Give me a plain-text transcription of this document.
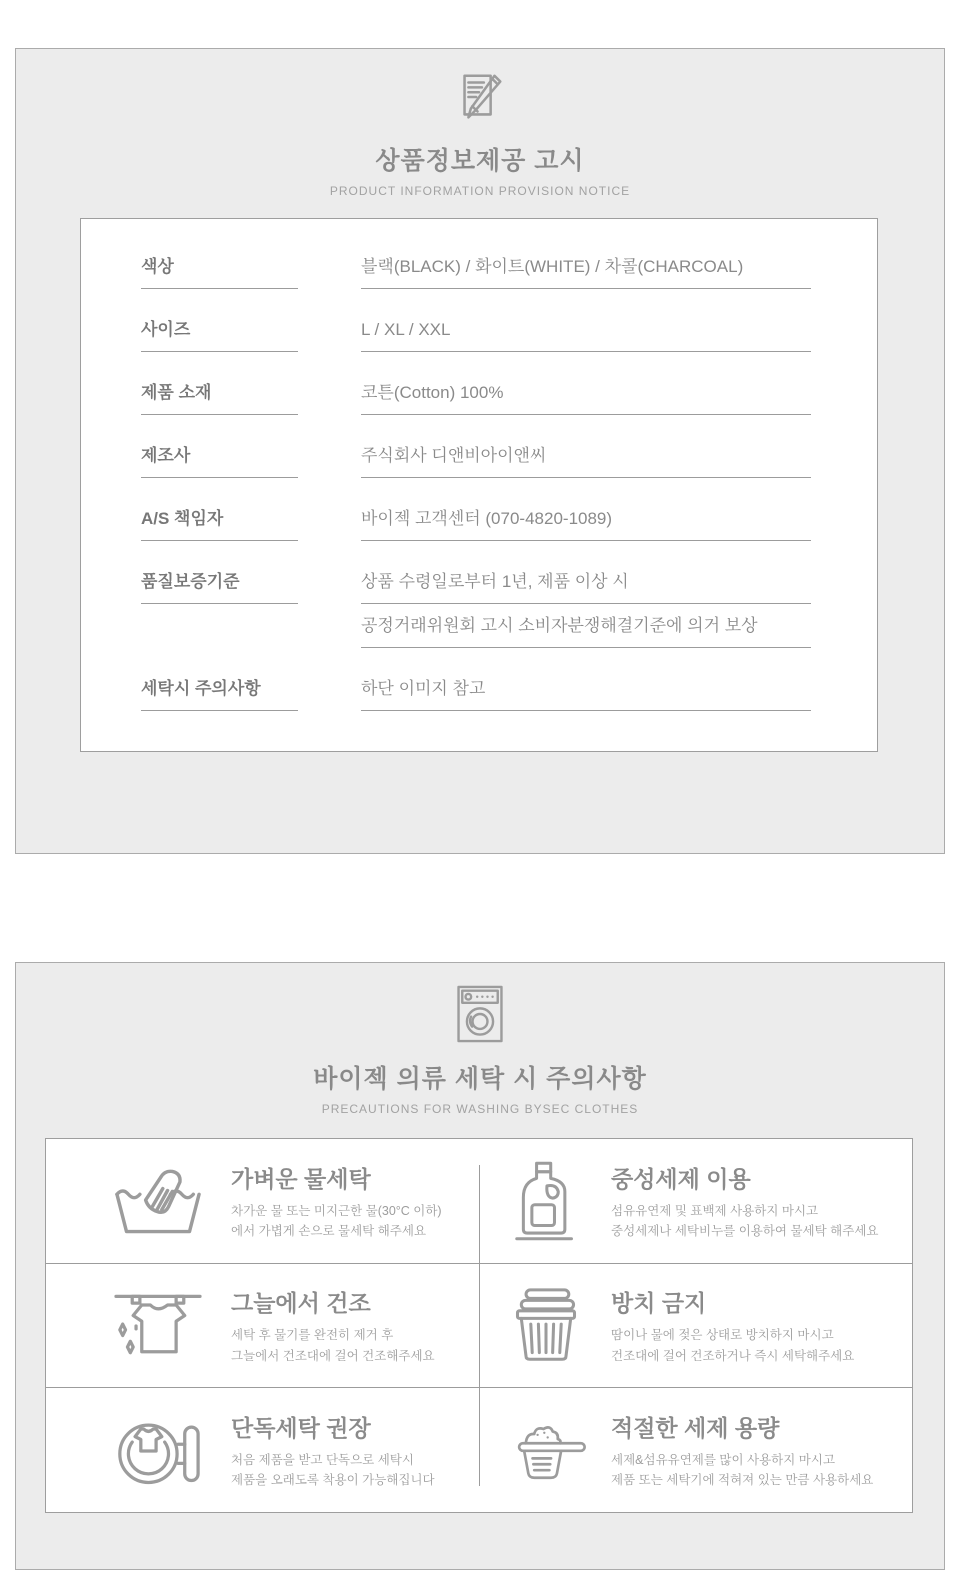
상품정보제공 고시
PRODUCT INFORMATION PROVISION NOTICE
색상	블랙(BLACK) / 화이트(WHITE) / 차콜(CHARCOAL)
사이즈	L / XL / XXL
제품 소재	코튼(Cotton) 100%
제조사	주식회사 디앤비아이앤씨
A/S 책임자	바이젝 고객센터 (070-4820-1089)
품질보증기준	상품 수령일로부터 1년, 제품 이상 시
공정거래위원회 고시 소비자분쟁해결기준에 의거 보상
세탁시 주의사항	하단 이미지 참고
바이젝 의류 세탁 시 주의사항
PRECAUTIONS FOR WASHING BYSEC CLOTHES
가벼운 물세탁
차가운 물 또는 미지근한 물(30°C 이하)
에서 가볍게 손으로 물세탁 해주세요
중성세제 이용
섬유유연제 및 표백제 사용하지 마시고
중성세제나 세탁비누를 이용하여 물세탁 해주세요
그늘에서 건조
세탁 후 물기를 완전히 제거 후
그늘에서 건조대에 걸어 건조해주세요
방치 금지
땀이나 물에 젖은 상태로 방치하지 마시고
건조대에 걸어 건조하거나 즉시 세탁해주세요
단독세탁 권장
처음 제품을 받고 단독으로 세탁시
제품을 오래도록 착용이 가능해집니다
적절한 세제 용량
세제&섬유유연제를 많이 사용하지 마시고
제품 또는 세탁기에 적혀져 있는 만큼 사용하세요
